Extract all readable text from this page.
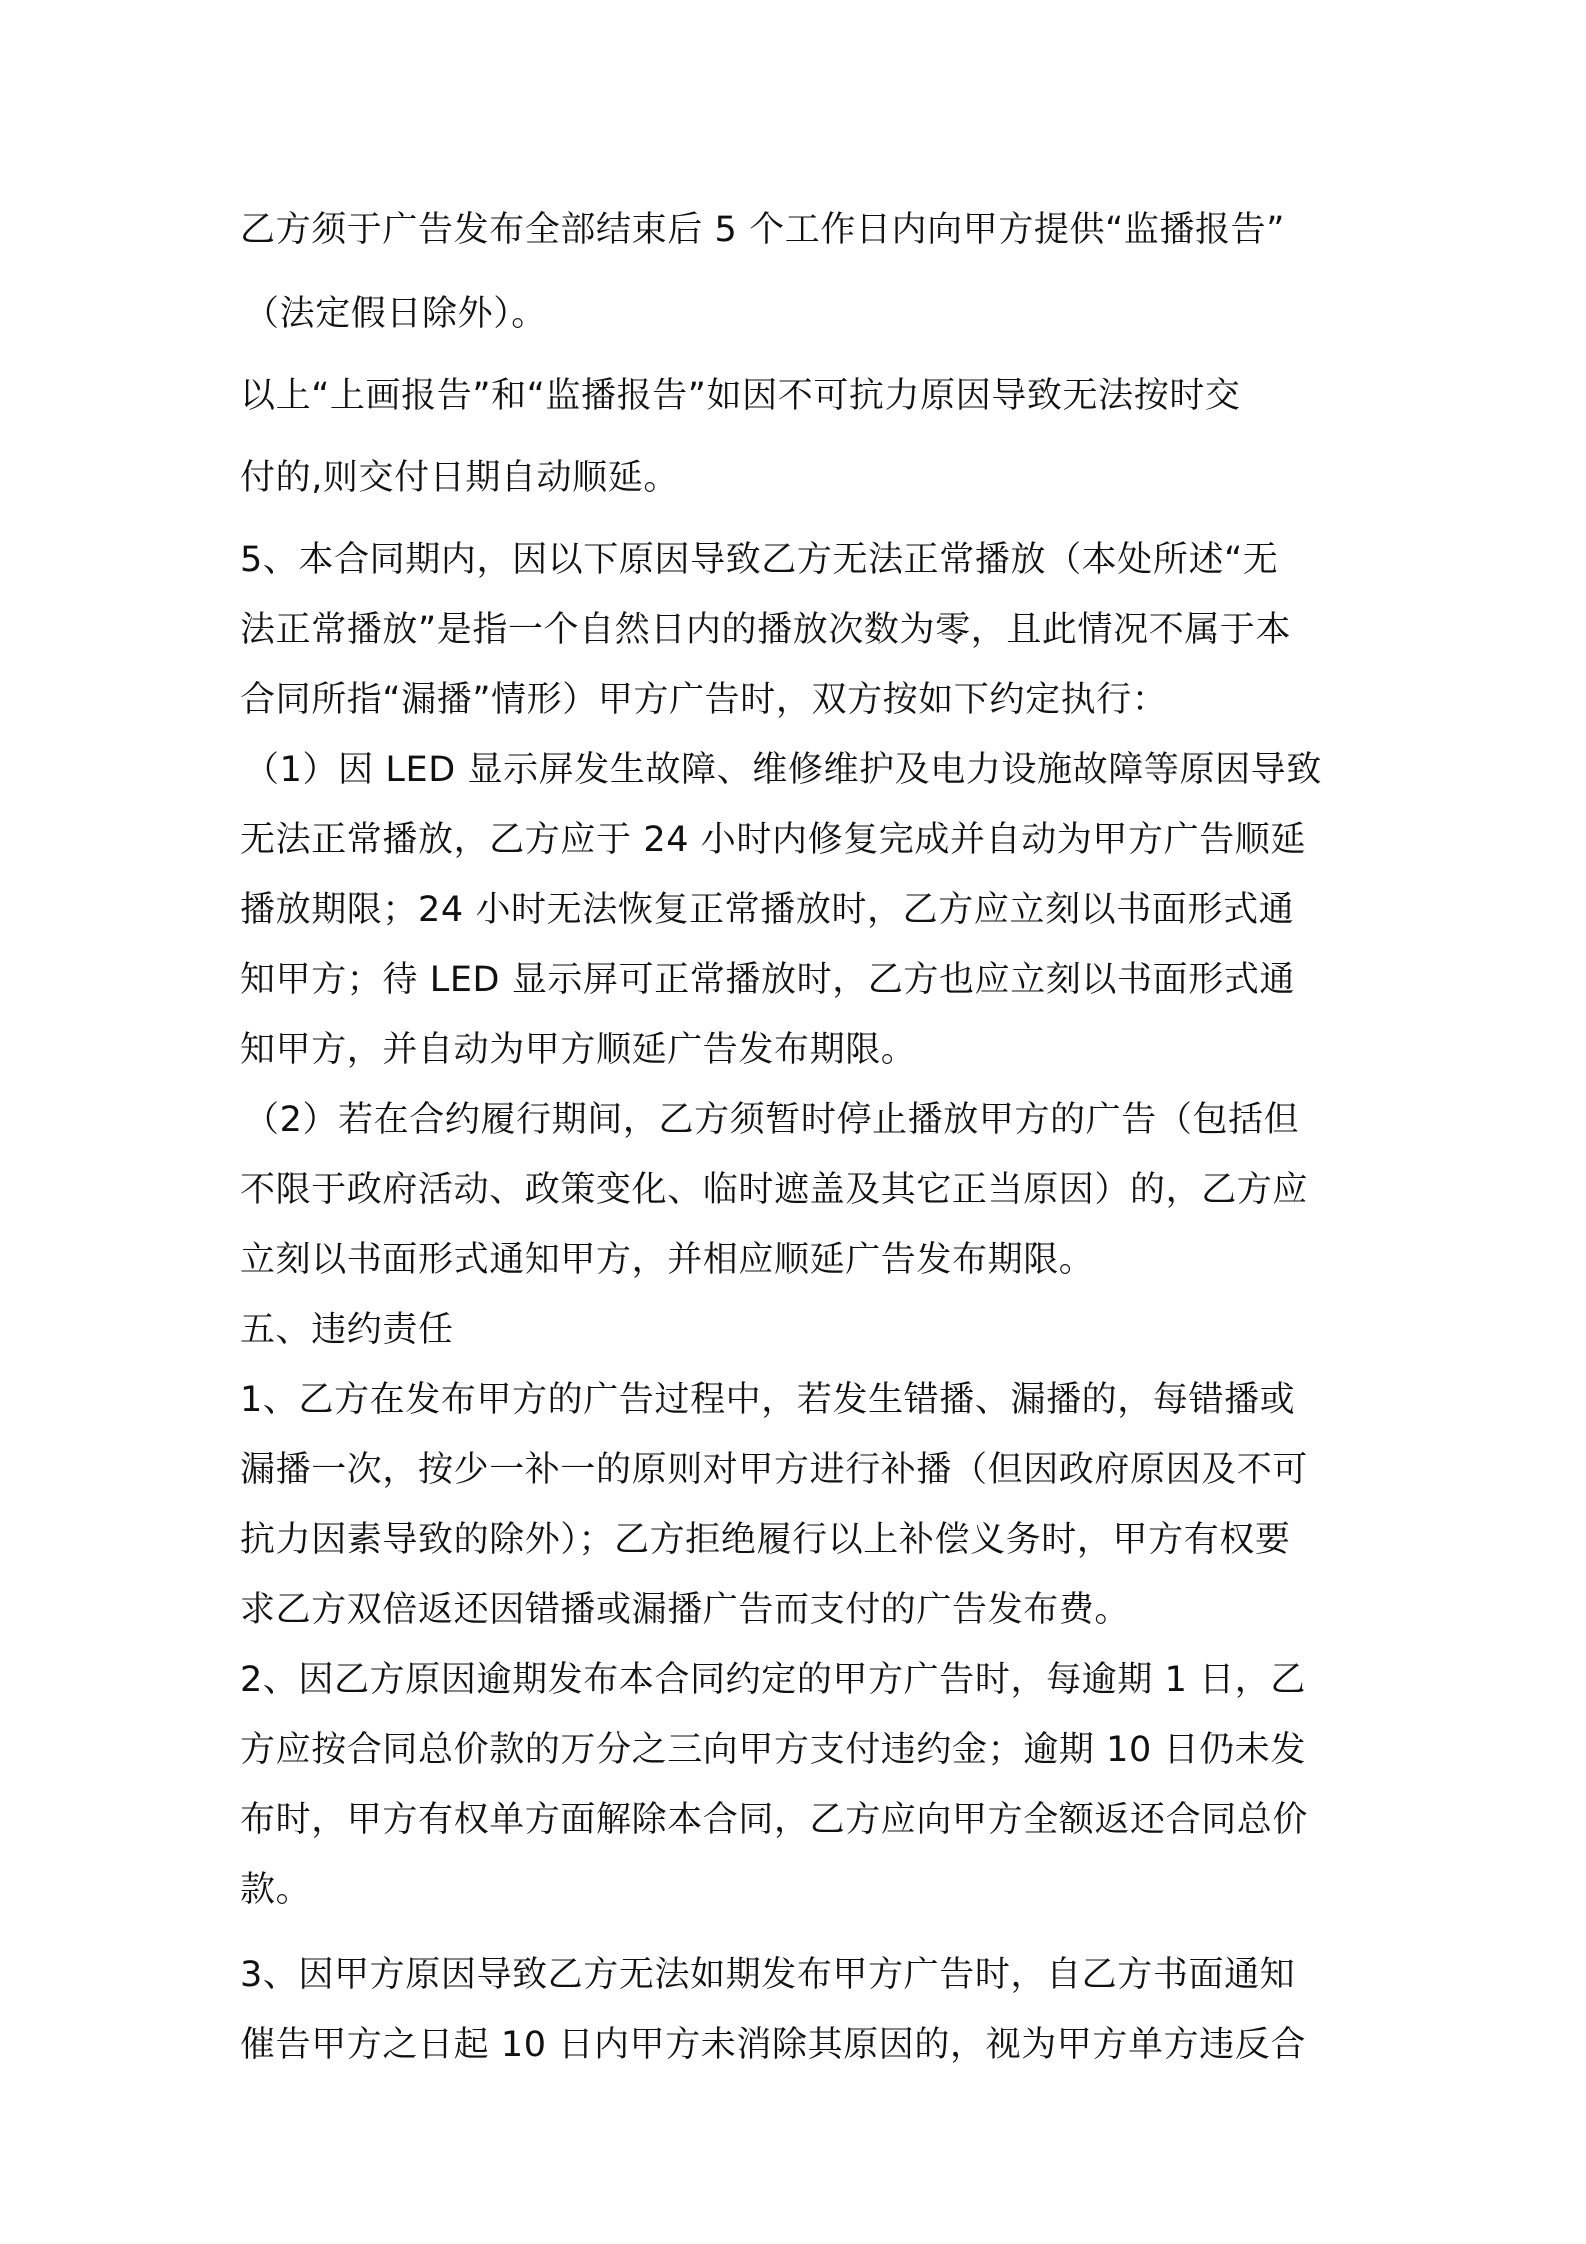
乙方须于广告发布全部结束后 5 个工作日内向甲方提供“监播报告”

（法定假日除外）。

以上“上画报告”和“监播报告”如因不可抗力原因导致无法按时交

付的,则交付日期自动顺延。

5、本合同期内，因以下原因导致乙方无法正常播放（本处所述“无

法正常播放”是指一个自然日内的播放次数为零，且此情况不属于本

合同所指“漏播”情形）甲方广告时，双方按如下约定执行：

（1）因 LED 显示屏发生故障、维修维护及电力设施故障等原因导致

无法正常播放，乙方应于 24 小时内修复完成并自动为甲方广告顺延

播放期限；24 小时无法恢复正常播放时，乙方应立刻以书面形式通

知甲方；待 LED 显示屏可正常播放时，乙方也应立刻以书面形式通

知甲方，并自动为甲方顺延广告发布期限。

（2）若在合约履行期间，乙方须暂时停止播放甲方的广告（包括但

不限于政府活动、政策变化、临时遮盖及其它正当原因）的，乙方应

立刻以书面形式通知甲方，并相应顺延广告发布期限。

五、违约责任

1、乙方在发布甲方的广告过程中，若发生错播、漏播的，每错播或

漏播一次，按少一补一的原则对甲方进行补播（但因政府原因及不可

抗力因素导致的除外）；乙方拒绝履行以上补偿义务时，甲方有权要

求乙方双倍返还因错播或漏播广告而支付的广告发布费。

2、因乙方原因逾期发布本合同约定的甲方广告时，每逾期 1 日，乙

方应按合同总价款的万分之三向甲方支付违约金；逾期 10 日仍未发

布时，甲方有权单方面解除本合同，乙方应向甲方全额返还合同总价

款。

3、因甲方原因导致乙方无法如期发布甲方广告时，自乙方书面通知

催告甲方之日起 10 日内甲方未消除其原因的，视为甲方单方违反合
